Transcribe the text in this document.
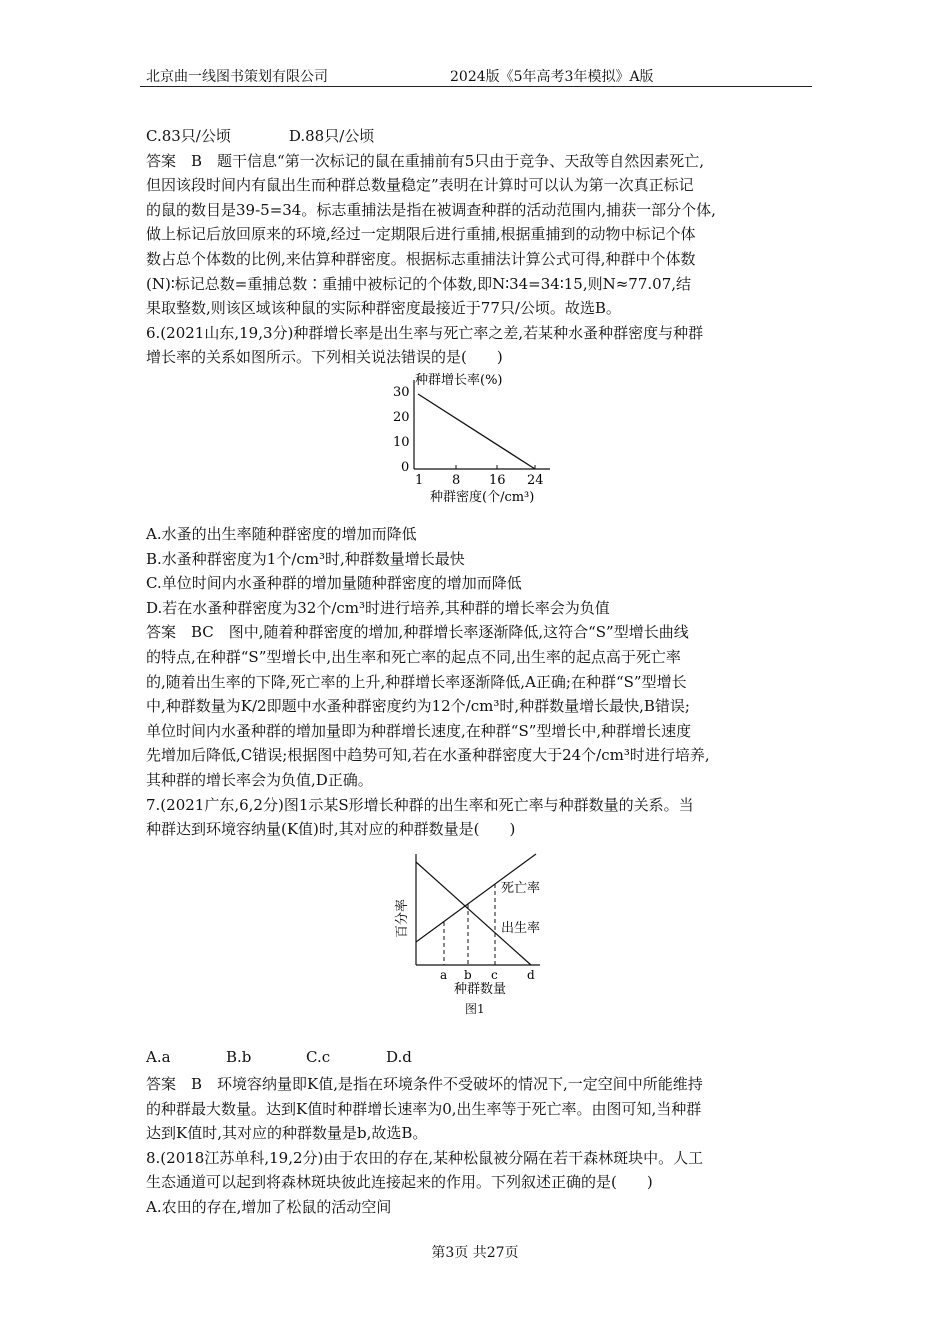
北京曲一线图书策划有限公司	2024版《5年高考3年模拟》A版
C.83只/公顷	D.88只/公顷
答案　B　题干信息“第一次标记的鼠在重捕前有5只由于竞争、天敌等自然因素死亡,
但因该段时间内有鼠出生而种群总数量稳定”表明在计算时可以认为第一次真正标记
的鼠的数目是39-5=34。标志重捕法是指在被调查种群的活动范围内,捕获一部分个体,
做上标记后放回原来的环境,经过一定期限后进行重捕,根据重捕到的动物中标记个体
数占总个体数的比例,来估算种群密度。根据标志重捕法计算公式可得,种群中个体数
(N)∶标记总数=重捕总数∶重捕中被标记的个体数,即N∶34=34∶15,则N≈77.07,结
果取整数,则该区域该种鼠的实际种群密度最接近于77只/公顷。故选B。
6.(2021山东,19,3分)种群增长率是出生率与死亡率之差,若某种水蚤种群密度与种群
增长率的关系如图所示。下列相关说法错误的是(　　)
种群增长率(%)
30
20
10
0
1 8 16 24
种群密度(个/cm³)
A.水蚤的出生率随种群密度的增加而降低
B.水蚤种群密度为1个/cm³时,种群数量增长最快
C.单位时间内水蚤种群的增加量随种群密度的增加而降低
D.若在水蚤种群密度为32个/cm³时进行培养,其种群的增长率会为负值
答案　BC　图中,随着种群密度的增加,种群增长率逐渐降低,这符合“S”型增长曲线
的特点,在种群“S”型增长中,出生率和死亡率的起点不同,出生率的起点高于死亡率
的,随着出生率的下降,死亡率的上升,种群增长率逐渐降低,A正确;在种群“S”型增长
中,种群数量为K/2即题中水蚤种群密度约为12个/cm³时,种群数量增长最快,B错误;
单位时间内水蚤种群的增加量即为种群增长速度,在种群“S”型增长中,种群增长速度
先增加后降低,C错误;根据图中趋势可知,若在水蚤种群密度大于24个/cm³时进行培养,
其种群的增长率会为负值,D正确。
7.(2021广东,6,2分)图1示某S形增长种群的出生率和死亡率与种群数量的关系。当
种群达到环境容纳量(K值)时,其对应的种群数量是(　　)
百分率
死亡率
出生率
a b c d
种群数量
图1
A.a	B.b	C.c	D.d
答案　B　环境容纳量即K值,是指在环境条件不受破坏的情况下,一定空间中所能维持
的种群最大数量。达到K值时种群增长速率为0,出生率等于死亡率。由图可知,当种群
达到K值时,其对应的种群数量是b,故选B。
8.(2018江苏单科,19,2分)由于农田的存在,某种松鼠被分隔在若干森林斑块中。人工
生态通道可以起到将森林斑块彼此连接起来的作用。下列叙述正确的是(　　)
A.农田的存在,增加了松鼠的活动空间
第3页 共27页
